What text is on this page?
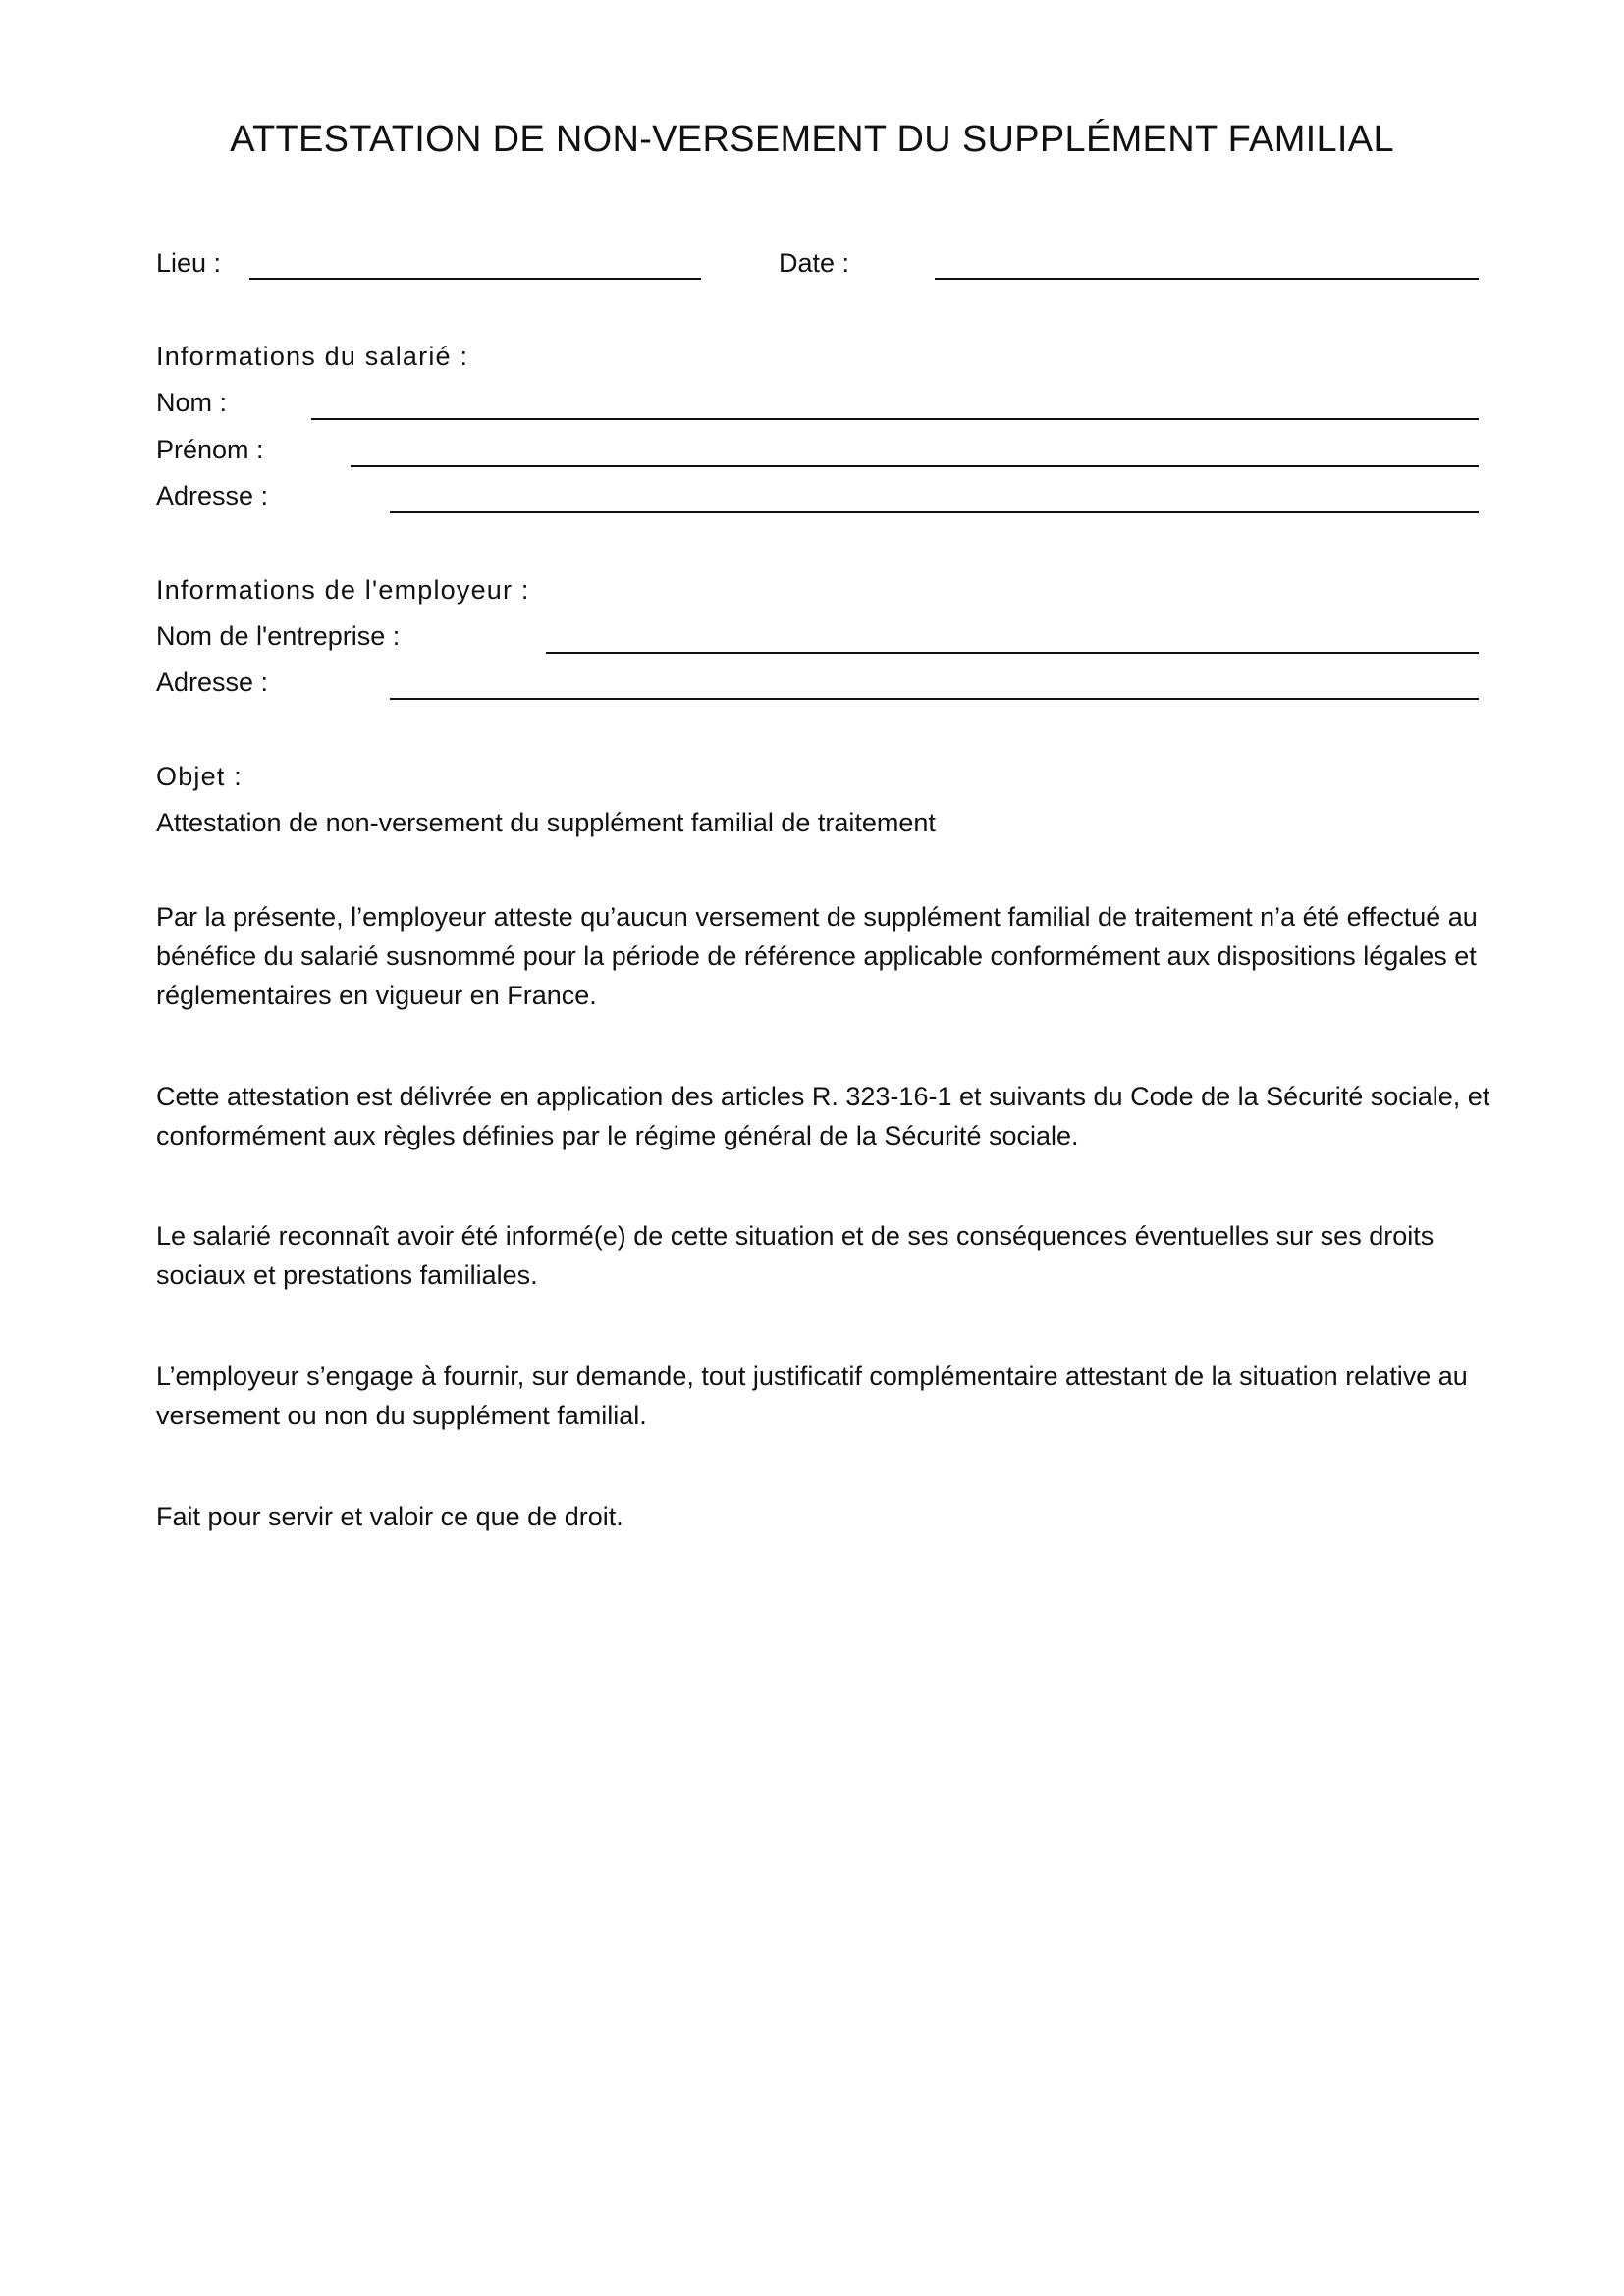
ATTESTATION DE NON-VERSEMENT DU SUPPLÉMENT FAMILIAL
Lieu :	Date :
Informations du salarié :
Nom :
Prénom :
Adresse :
Informations de l'employeur :
Nom de l'entreprise :
Adresse :
Objet :
Attestation de non-versement du supplément familial de traitement

Par la présente, l’employeur atteste qu’aucun versement de supplément familial de traitement n’a été effectué au bénéfice du salarié susnommé pour la période de référence applicable conformément aux dispositions légales et réglementaires en vigueur en France.

Cette attestation est délivrée en application des articles R. 323-16-1 et suivants du Code de la Sécurité sociale, et conformément aux règles définies par le régime général de la Sécurité sociale.

Le salarié reconnaît avoir été informé(e) de cette situation et de ses conséquences éventuelles sur ses droits sociaux et prestations familiales.

L’employeur s’engage à fournir, sur demande, tout justificatif complémentaire attestant de la situation relative au versement ou non du supplément familial.

Fait pour servir et valoir ce que de droit.
